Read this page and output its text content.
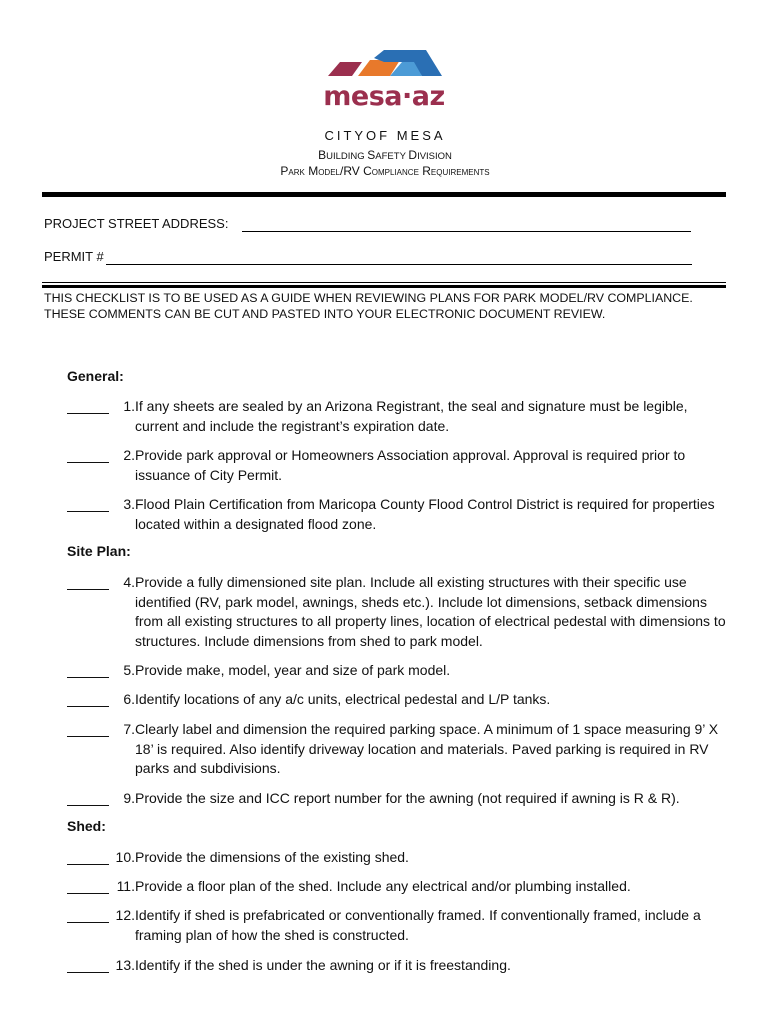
mesa·az
CITYOF MESA
BUILDING SAFETY DIVISION
Park Model/RV Compliance Requirements
PROJECT STREET ADDRESS:
PERMIT #
THIS CHECKLIST IS TO BE USED AS A GUIDE WHEN REVIEWING PLANS FOR PARK MODEL/RV COMPLIANCE. THESE COMMENTS CAN BE CUT AND PASTED INTO YOUR ELECTRONIC DOCUMENT REVIEW.
General:
1. If any sheets are sealed by an Arizona Registrant, the seal and signature must be legible, current and include the registrant’s expiration date.
2. Provide park approval or Homeowners Association approval. Approval is required prior to issuance of City Permit.
3. Flood Plain Certification from Maricopa County Flood Control District is required for properties located within a designated flood zone.
Site Plan:
4. Provide a fully dimensioned site plan. Include all existing structures with their specific use identified (RV, park model, awnings, sheds etc.). Include lot dimensions, setback dimensions from all existing structures to all property lines, location of electrical pedestal with dimensions to structures. Include dimensions from shed to park model.
5. Provide make, model, year and size of park model.
6. Identify locations of any a/c units, electrical pedestal and L/P tanks.
7. Clearly label and dimension the required parking space. A minimum of 1 space measuring 9’ X 18’ is required. Also identify driveway location and materials. Paved parking is required in RV parks and subdivisions.
9. Provide the size and ICC report number for the awning (not required if awning is R & R).
Shed:
10. Provide the dimensions of the existing shed.
11. Provide a floor plan of the shed. Include any electrical and/or plumbing installed.
12. Identify if shed is prefabricated or conventionally framed. If conventionally framed, include a framing plan of how the shed is constructed.
13. Identify if the shed is under the awning or if it is freestanding.
